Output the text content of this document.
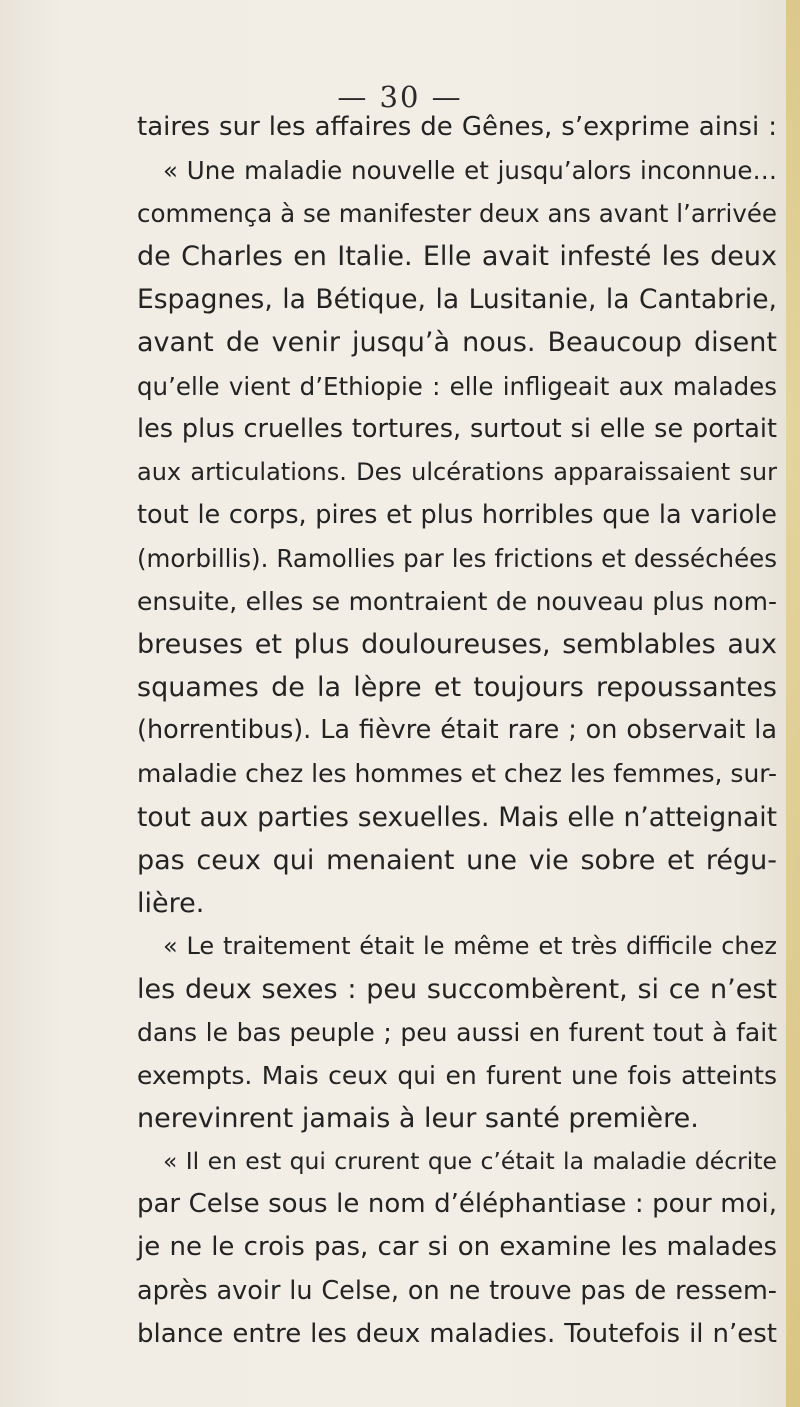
— 30 —
taires sur les affaires de Gênes, s’exprime ainsi :
« Une maladie nouvelle et jusqu’alors inconnue…
commença à se manifester deux ans avant l’arrivée
de Charles en Italie. Elle avait infesté les deux
Espagnes, la Bétique, la Lusitanie, la Cantabrie,
avant de venir jusqu’à nous. Beaucoup disent
qu’elle vient d’Ethiopie : elle infligeait aux malades
les plus cruelles tortures, surtout si elle se portait
aux articulations. Des ulcérations apparaissaient sur
tout le corps, pires et plus horribles que la variole
(morbillis). Ramollies par les frictions et desséchées
ensuite, elles se montraient de nouveau plus nom-
breuses et plus douloureuses, semblables aux
squames de la lèpre et toujours repoussantes
(horrentibus). La fièvre était rare ; on observait la
maladie chez les hommes et chez les femmes, sur-
tout aux parties sexuelles. Mais elle n’atteignait
pas ceux qui menaient une vie sobre et régu-
lière.
« Le traitement était le même et très difficile chez
les deux sexes : peu succombèrent, si ce n’est
dans le bas peuple ; peu aussi en furent tout à fait
exempts. Mais ceux qui en furent une fois atteints
nerevinrent jamais à leur santé première.
« Il en est qui crurent que c’était la maladie décrite
par Celse sous le nom d’éléphantiase : pour moi,
je ne le crois pas, car si on examine les malades
après avoir lu Celse, on ne trouve pas de ressem-
blance entre les deux maladies. Toutefois il n’est
